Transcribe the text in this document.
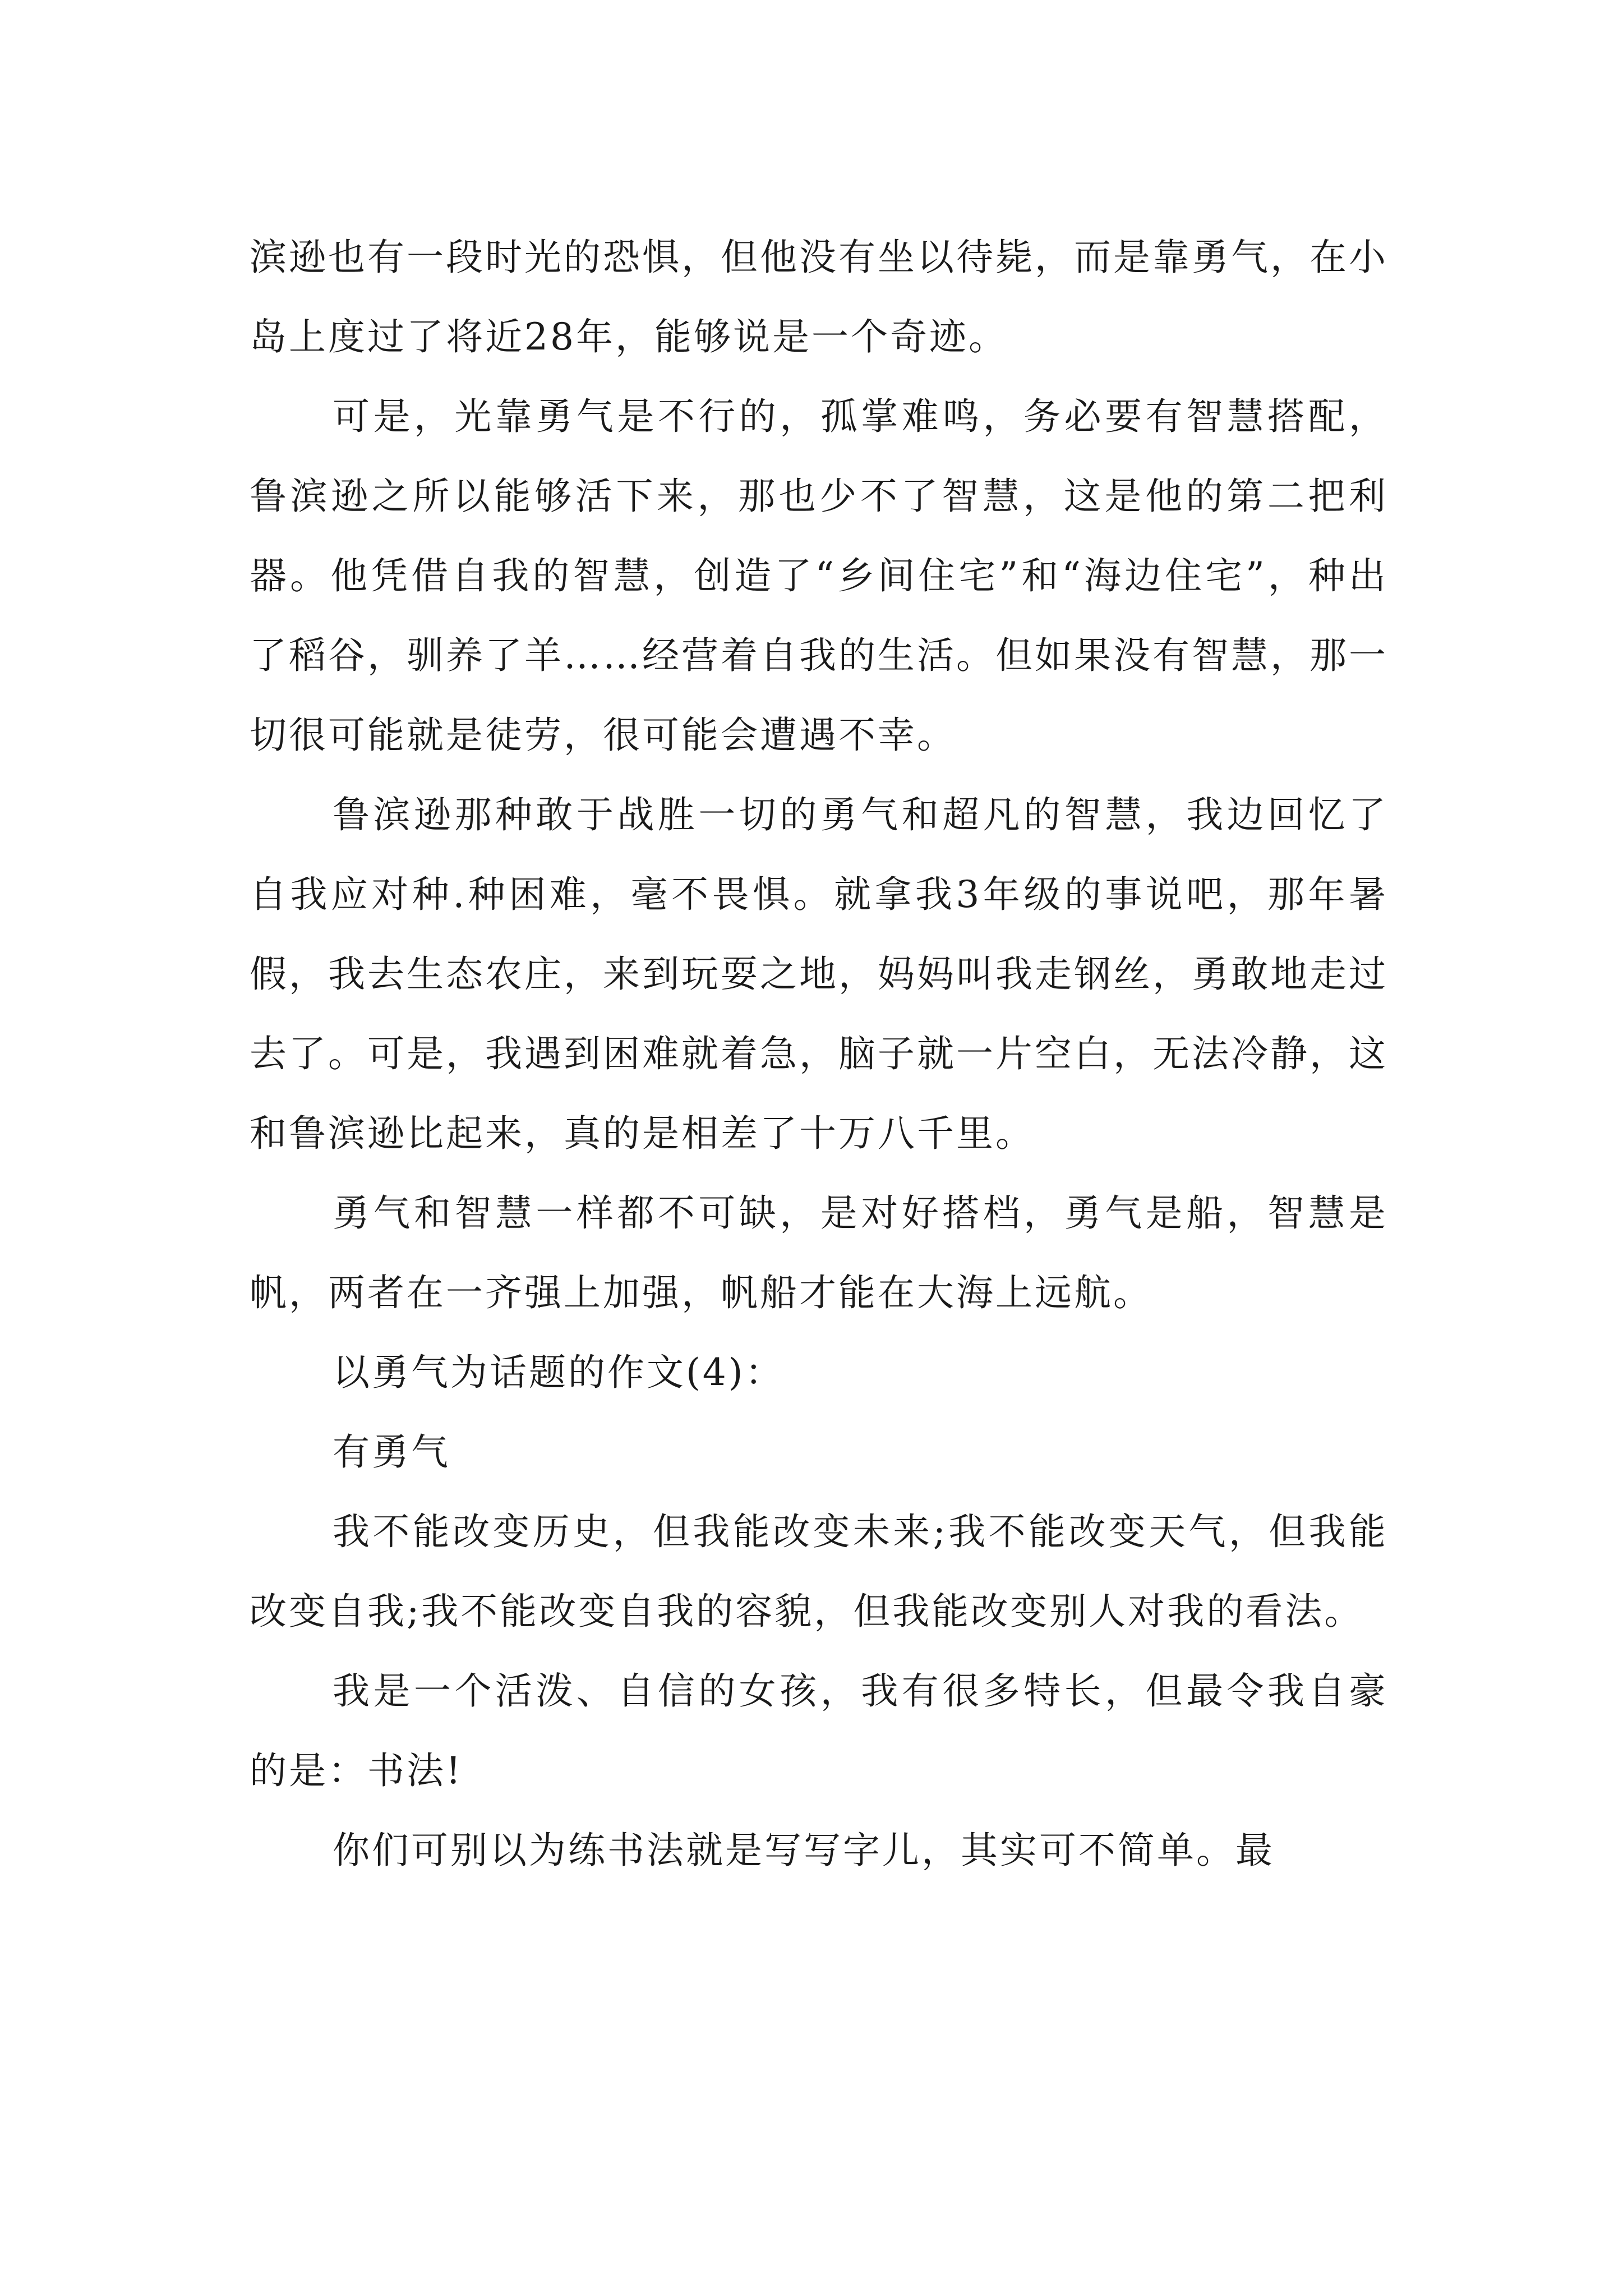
滨逊也有一段时光的恐惧，但他没有坐以待毙，而是靠勇气，在小岛上度过了将近28年，能够说是一个奇迹。

可是，光靠勇气是不行的，孤掌难鸣，务必要有智慧搭配，鲁滨逊之所以能够活下来，那也少不了智慧，这是他的第二把利器。他凭借自我的智慧，创造了“乡间住宅”和“海边住宅”，种出了稻谷，驯养了羊……经营着自我的生活。但如果没有智慧，那一切很可能就是徒劳，很可能会遭遇不幸。

鲁滨逊那种敢于战胜一切的勇气和超凡的智慧，我边回忆了自我应对种.种困难，毫不畏惧。就拿我3年级的事说吧，那年暑假，我去生态农庄，来到玩耍之地，妈妈叫我走钢丝，勇敢地走过去了。可是，我遇到困难就着急，脑子就一片空白，无法冷静，这和鲁滨逊比起来，真的是相差了十万八千里。

勇气和智慧一样都不可缺，是对好搭档，勇气是船，智慧是帆，两者在一齐强上加强，帆船才能在大海上远航。

以勇气为话题的作文(4)：

有勇气

我不能改变历史，但我能改变未来;我不能改变天气，但我能改变自我;我不能改变自我的容貌，但我能改变别人对我的看法。

我是一个活泼、自信的女孩，我有很多特长，但最令我自豪的是：书法!

你们可别以为练书法就是写写字儿，其实可不简单。最
